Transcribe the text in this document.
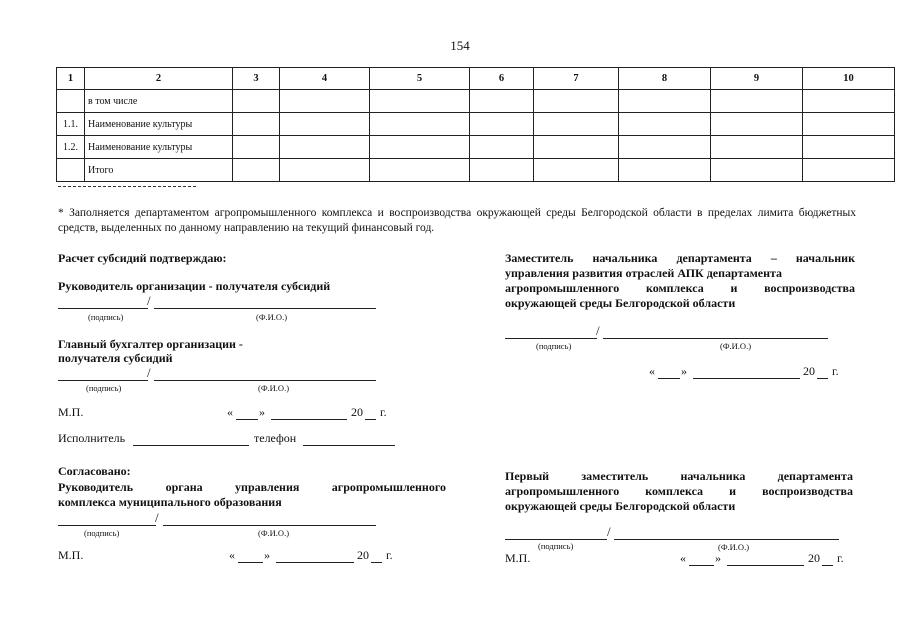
154
1	2	3	4	5	6	7	8	9	10
	в том числе								
1.1.	Наименование культуры								
1.2.	Наименование культуры								
	Итого								
* Заполняется департаментом агропромышленного комплекса и воспроизводства окружающей среды Белгородской области в пределах лимита бюджетных средств, выделенных по данному направлению на текущий финансовый год.
Расчет субсидий подтверждаю:
Руководитель организации - получателя субсидий
/
(подпись)	(Ф.И.О.)
Главный бухгалтер организации -
получателя субсидий
/
(подпись)	(Ф.И.О.)
М.П.	« »	20 г.
Исполнитель	телефон
Согласовано:
Руководитель органа управления агропромышленного
комплекса муниципального образования
/
(подпись)	(Ф.И.О.)
М.П.	« »	20 г.
Заместитель начальника департамента – начальник
управления развития отраслей АПК департамента
агропромышленного комплекса и воспроизводства
окружающей среды Белгородской области
/
(подпись)	(Ф.И.О.)
« »	20 г.
Первый заместитель начальника департамента
агропромышленного комплекса и воспроизводства
окружающей среды Белгородской области
/
(подпись)	(Ф.И.О.)
М.П.	« »	20 г.
